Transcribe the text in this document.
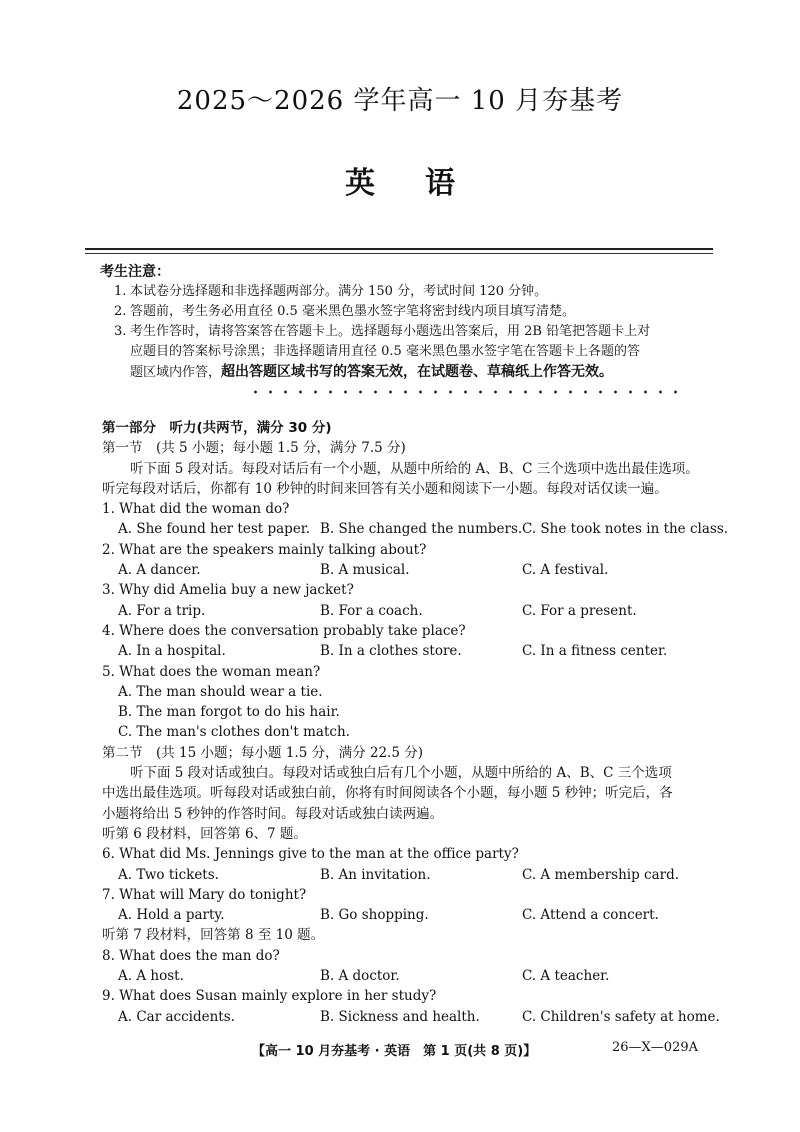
2025～2026 学年高一 10 月夯基考
英语
考生注意：
1. 本试卷分选择题和非选择题两部分。满分 150 分，考试时间 120 分钟。
2. 答题前，考生务必用直径 0.5 毫米黑色墨水签字笔将密封线内项目填写清楚。
3. 考生作答时，请将答案答在答题卡上。选择题每小题选出答案后，用 2B 铅笔把答题卡上对
应题目的答案标号涂黑；非选择题请用直径 0.5 毫米黑色墨水签字笔在答题卡上各题的答
题区域内作答，超出答题区域书写的答案无效，在试题卷、草稿纸上作答无效。
第一部分　听力(共两节，满分 30 分)
第一节　(共 5 小题；每小题 1.5 分，满分 7.5 分)
听下面 5 段对话。每段对话后有一个小题，从题中所给的 A、B、C 三个选项中选出最佳选项。
听完每段对话后，你都有 10 秒钟的时间来回答有关小题和阅读下一小题。每段对话仅读一遍。
1. What did the woman do?
A. She found her test paper. B. She changed the numbers. C. She took notes in the class.
2. What are the speakers mainly talking about?
A. A dancer.	B. A musical.	C. A festival.
3. Why did Amelia buy a new jacket?
A. For a trip.	B. For a coach.	C. For a present.
4. Where does the conversation probably take place?
A. In a hospital.	B. In a clothes store.	C. In a fitness center.
5. What does the woman mean?
A. The man should wear a tie.
B. The man forgot to do his hair.
C. The man's clothes don't match.
第二节　(共 15 小题；每小题 1.5 分，满分 22.5 分)
听下面 5 段对话或独白。每段对话或独白后有几个小题，从题中所给的 A、B、C 三个选项
中选出最佳选项。听每段对话或独白前，你将有时间阅读各个小题，每小题 5 秒钟；听完后，各
小题将给出 5 秒钟的作答时间。每段对话或独白读两遍。
听第 6 段材料，回答第 6、7 题。
6. What did Ms. Jennings give to the man at the office party?
A. Two tickets.	B. An invitation.	C. A membership card.
7. What will Mary do tonight?
A. Hold a party.	B. Go shopping.	C. Attend a concert.
听第 7 段材料，回答第 8 至 10 题。
8. What does the man do?
A. A host.	B. A doctor.	C. A teacher.
9. What does Susan mainly explore in her study?
A. Car accidents.	B. Sickness and health.	C. Children's safety at home.
【高一 10 月夯基考 · 英语　第 1 页(共 8 页)】	26—X—029A
